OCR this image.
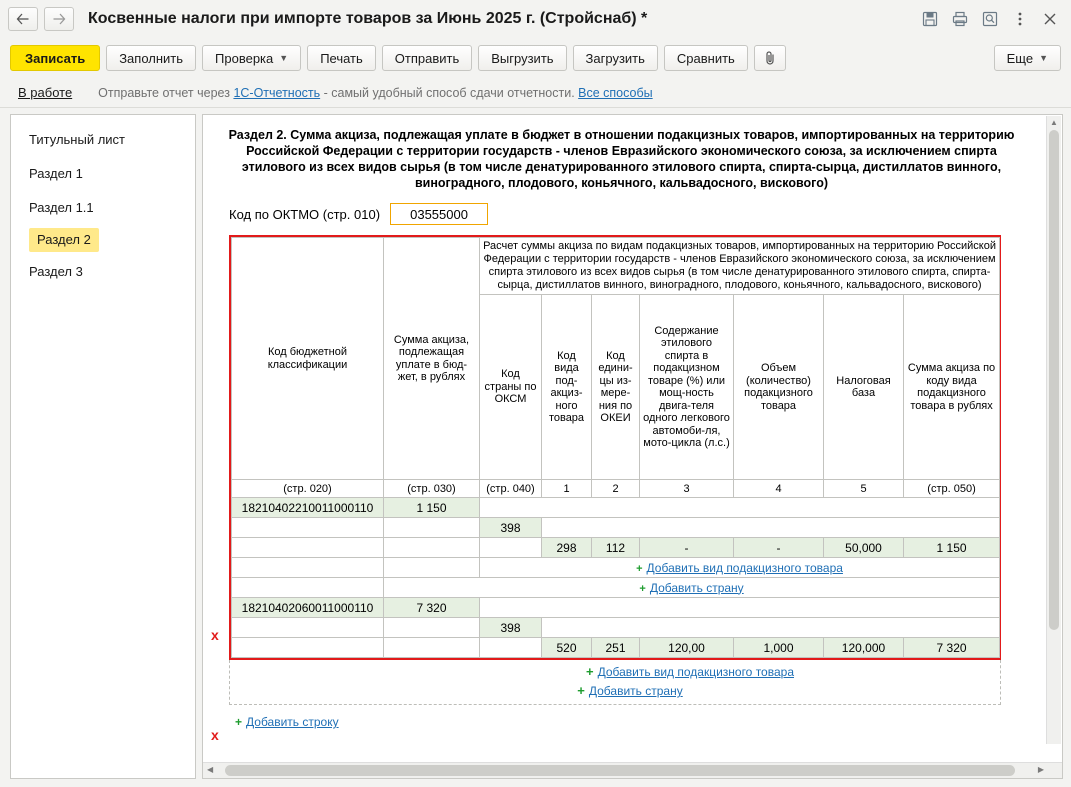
Косвенные налоги при импорте товаров за Июнь 2025 г. (Стройснаб) *
Записать	Заполнить	Проверка ▼	Печать	Отправить	Выгрузить	Загрузить	Сравнить	Еще ▼
В работе Отправьте отчет через 1С-Отчетность - самый удобный способ сдачи отчетности. Все способы
Титульный лист
Раздел 1
Раздел 1.1
Раздел 2
Раздел 3
Раздел 2. Сумма акциза, подлежащая уплате в бюджет в отношении подакцизных товаров, импортированных на территорию Российской Федерации с территории государств - членов Евразийского экономического союза, за исключением спирта этилового из всех видов сырья (в том числе денатурированного этилового спирта, спирта-сырца, дистиллатов винного, виноградного, плодового, коньячного, кальвадосного, вискового)
Код по ОКТМО (стр. 010)	03555000
Код бюджетной классификации	Сумма акциза, подлежащая уплате в бюд-жет, в рублях	Расчет суммы акциза по видам подакцизных товаров, импортированных на территорию Российской Федерации с территории государств - членов Евразийского экономического союза, за исключением спирта этилового из всех видов сырья (в том числе денатурированного этилового спирта, спирта-сырца, дистиллатов винного, виноградного, плодового, коньячного, кальвадосного, вискового)						
		Код страны по ОКСМ	Код вида под-акциз-ного товара	Код едини-цы из-мере-ния по ОКЕИ	Содержание этилового спирта в подакцизном товаре (%) или мощ-ность двига-теля одного легкового автомоби-ля, мото-цикла (л.с.)	Объем (количество) подакцизного товара	Налоговая база	Сумма акциза по коду вида подакцизного товара в рублях
(стр. 020)	(стр. 030)	(стр. 040)	1	2	3	4	5	(стр. 050)
18210402210011000110	1 150							
		398						
			298	112	-	-	50,000	1 150
		+ Добавить вид подакцизного товара						
	+ Добавить страну							
18210402060011000110	7 320							
		398						
			520	251	120,00	1,000	120,000	7 320
+ Добавить вид подакцизного товара
+ Добавить страну
+ Добавить строку
x
x
▲
◀	▶
